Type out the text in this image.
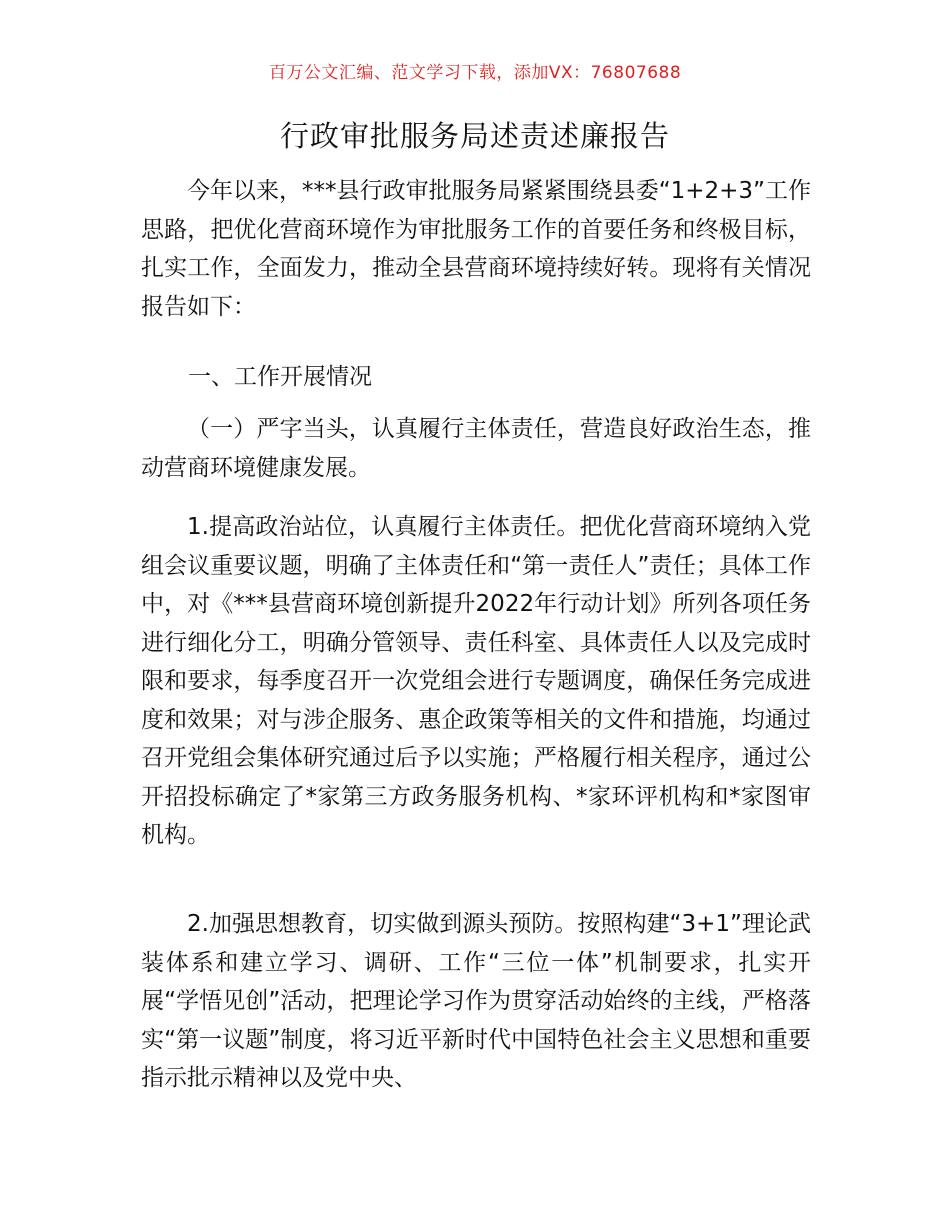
百万公文汇编、范文学习下载，添加VX：76807688
行政审批服务局述责述廉报告

今年以来，***县行政审批服务局紧紧围绕县委“1+2+3”工作思路，把优化营商环境作为审批服务工作的首要任务和终极目标，扎实工作，全面发力，推动全县营商环境持续好转。现将有关情况报告如下：

一、工作开展情况

（一）严字当头，认真履行主体责任，营造良好政治生态，推动营商环境健康发展。

1.提高政治站位，认真履行主体责任。把优化营商环境纳入党组会议重要议题，明确了主体责任和“第一责任人”责任；具体工作中，对《***县营商环境创新提升2022年行动计划》所列各项任务进行细化分工，明确分管领导、责任科室、具体责任人以及完成时限和要求，每季度召开一次党组会进行专题调度，确保任务完成进度和效果；对与涉企服务、惠企政策等相关的文件和措施，均通过召开党组会集体研究通过后予以实施；严格履行相关程序，通过公开招投标确定了*家第三方政务服务机构、*家环评机构和*家图审机构。

2.加强思想教育，切实做到源头预防。按照构建“3+1”理论武装体系和建立学习、调研、工作“三位一体”机制要求，扎实开展“学悟见创”活动，把理论学习作为贯穿活动始终的主线，严格落实“第一议题”制度，将习近平新时代中国特色社会主义思想和重要指示批示精神以及党中央、
